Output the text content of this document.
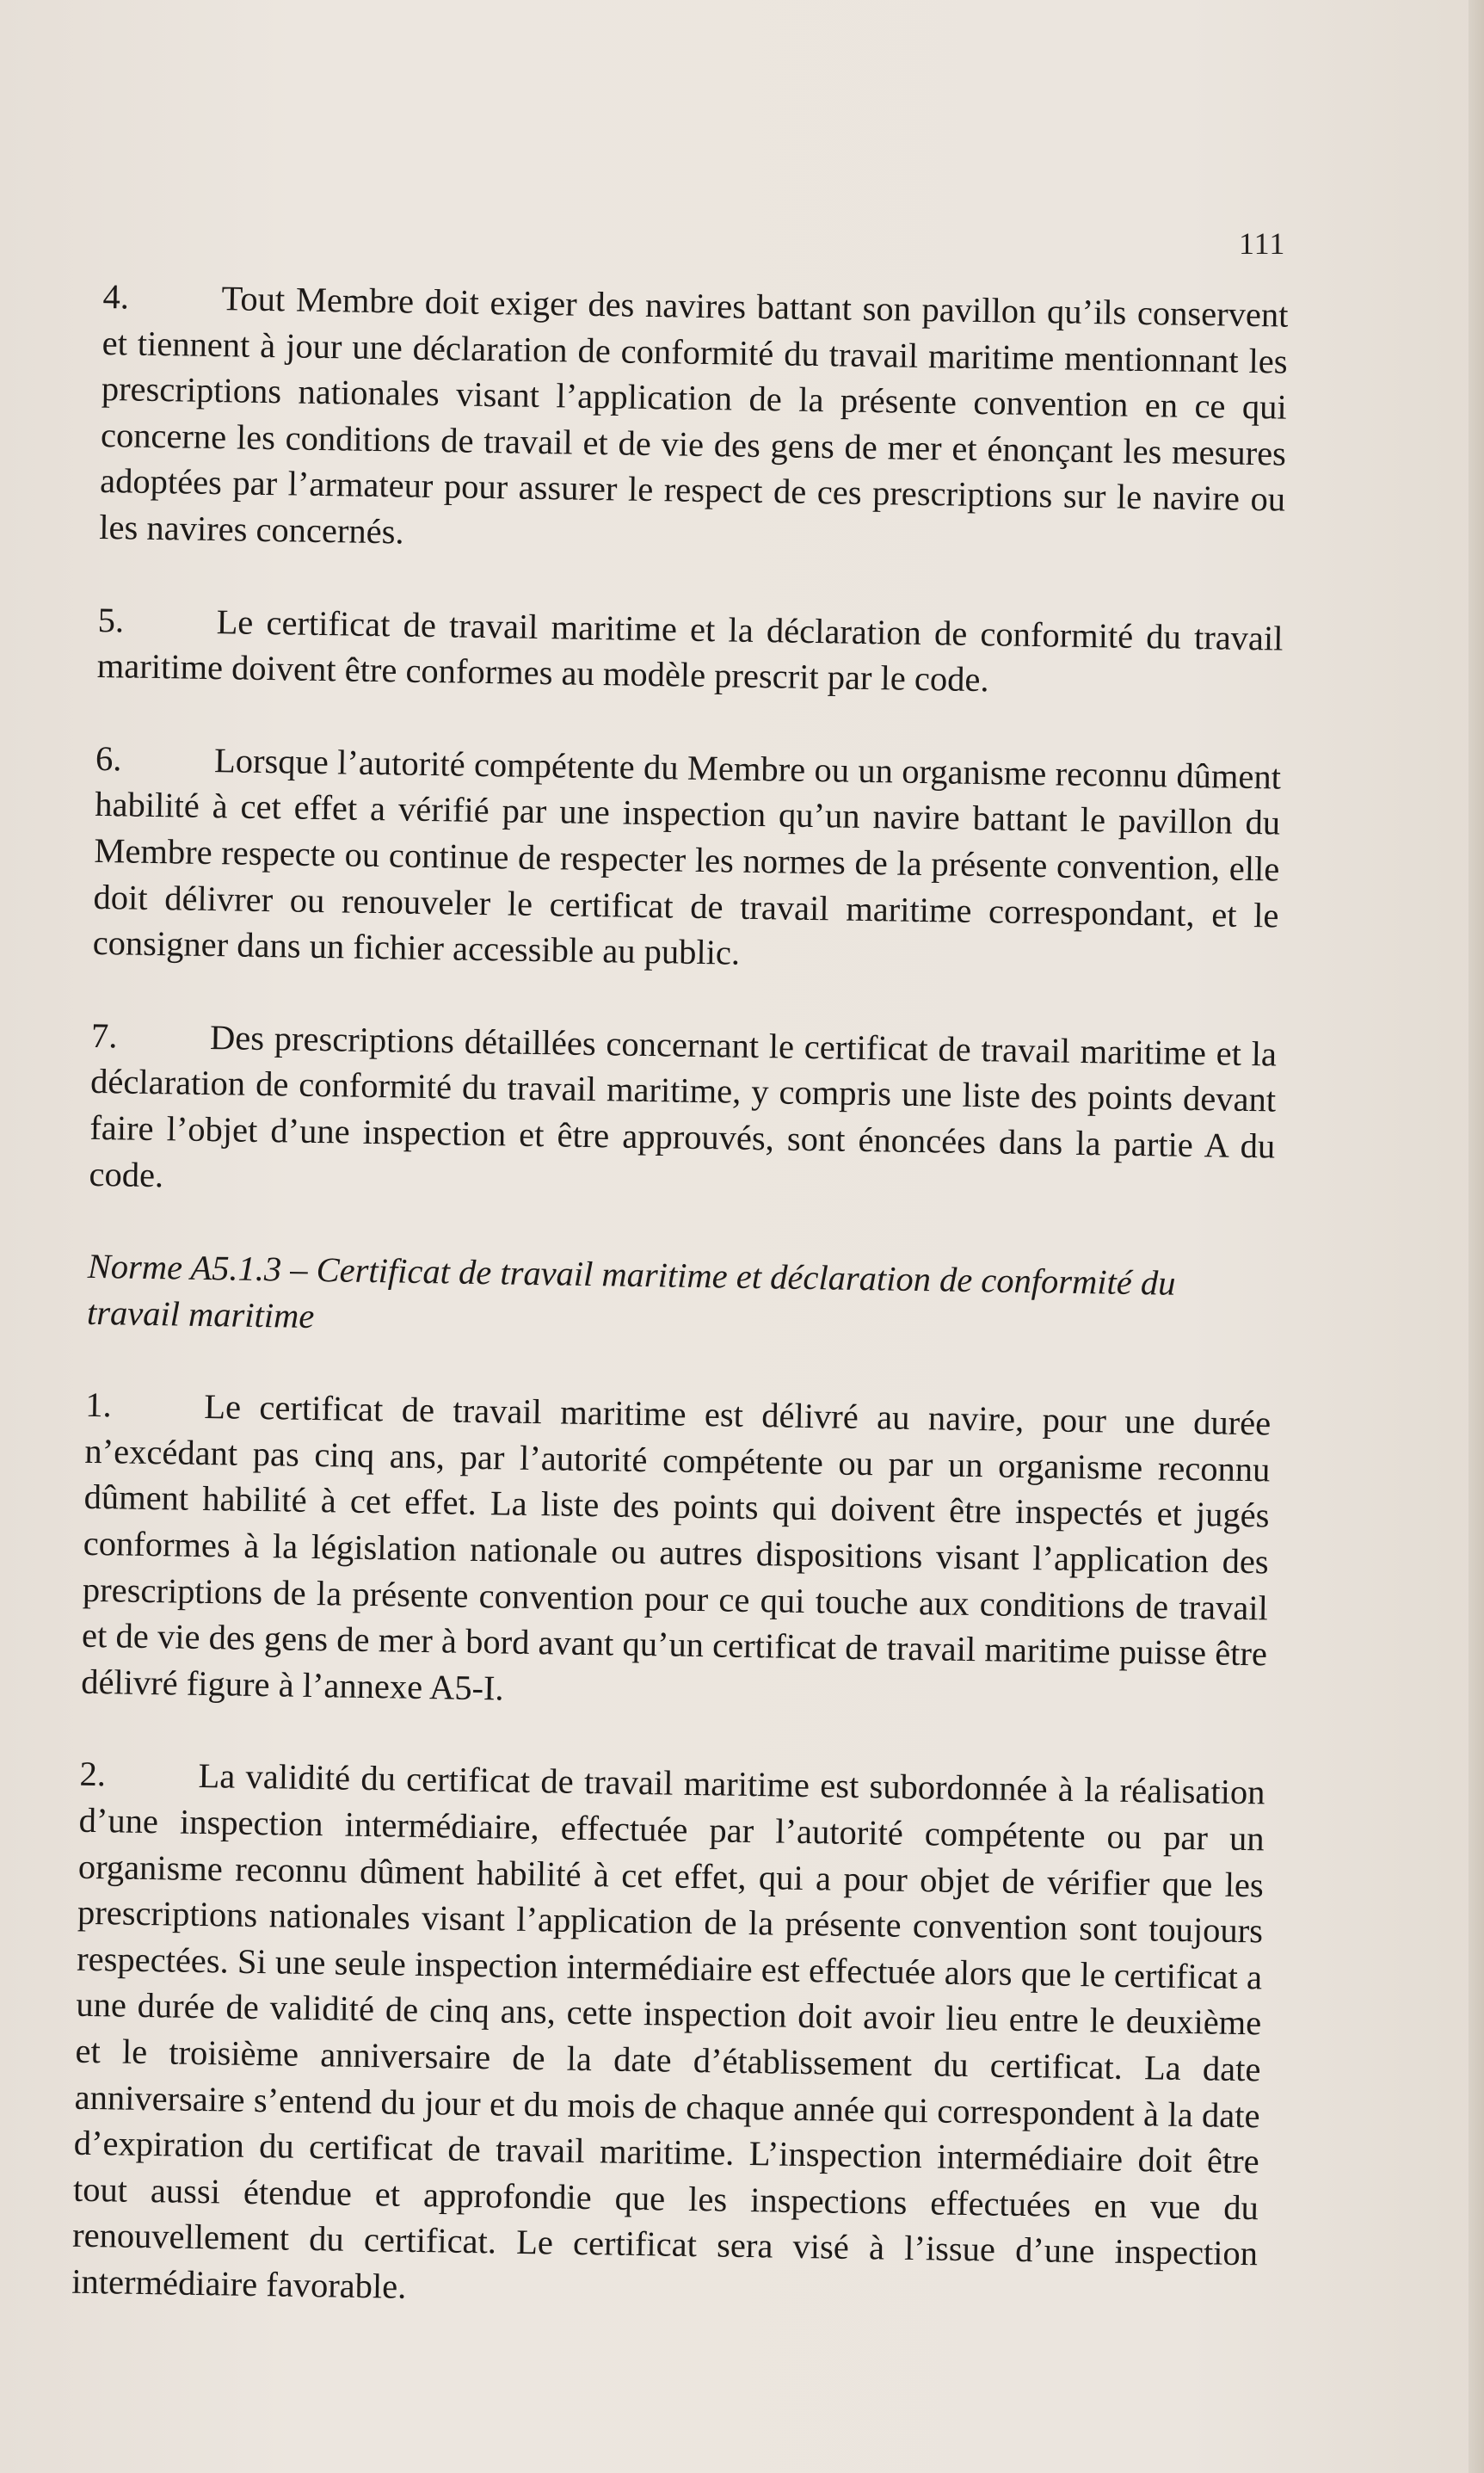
111

4.	Tout Membre doit exiger des navires battant son pavillon qu’ils conservent et tiennent à jour une déclaration de conformité du travail maritime mentionnant les prescriptions nationales visant l’application de la présente convention en ce qui concerne les conditions de travail et de vie des gens de mer et énonçant les mesures adoptées par l’armateur pour assurer le respect de ces prescriptions sur le navire ou les navires concernés.

5.	Le certificat de travail maritime et la déclaration de conformité du travail maritime doivent être conformes au modèle prescrit par le code.

6.	Lorsque l’autorité compétente du Membre ou un organisme reconnu dûment habilité à cet effet a vérifié par une inspection qu’un navire battant le pavillon du Membre respecte ou continue de respecter les normes de la présente convention, elle doit délivrer ou renouveler le certificat de travail maritime correspondant, et le consigner dans un fichier accessible au public.

7.	Des prescriptions détaillées concernant le certificat de travail maritime et la déclaration de conformité du travail maritime, y compris une liste des points devant faire l’objet d’une inspection et être approuvés, sont énoncées dans la partie A du code.

Norme A5.1.3 – Certificat de travail maritime et déclaration de conformité du travail maritime

1.	Le certificat de travail maritime est délivré au navire, pour une durée n’excédant pas cinq ans, par l’autorité compétente ou par un organisme reconnu dûment habilité à cet effet. La liste des points qui doivent être inspectés et jugés conformes à la législation nationale ou autres dispositions visant l’application des prescriptions de la présente convention pour ce qui touche aux conditions de travail et de vie des gens de mer à bord avant qu’un certificat de travail maritime puisse être délivré figure à l’annexe A5-I.

2.	La validité du certificat de travail maritime est subordonnée à la réalisation d’une inspection intermédiaire, effectuée par l’autorité compétente ou par un organisme reconnu dûment habilité à cet effet, qui a pour objet de vérifier que les prescriptions nationales visant l’application de la présente convention sont toujours respectées. Si une seule inspection intermédiaire est effectuée alors que le certificat a une durée de validité de cinq ans, cette inspection doit avoir lieu entre le deuxième et le troisième anniversaire de la date d’établissement du certificat. La date anniversaire s’entend du jour et du mois de chaque année qui correspondent à la date d’expiration du certificat de travail maritime. L’inspection intermédiaire doit être tout aussi étendue et approfondie que les inspections effectuées en vue du renouvellement du certificat. Le certificat sera visé à l’issue d’une inspection intermédiaire favorable.
